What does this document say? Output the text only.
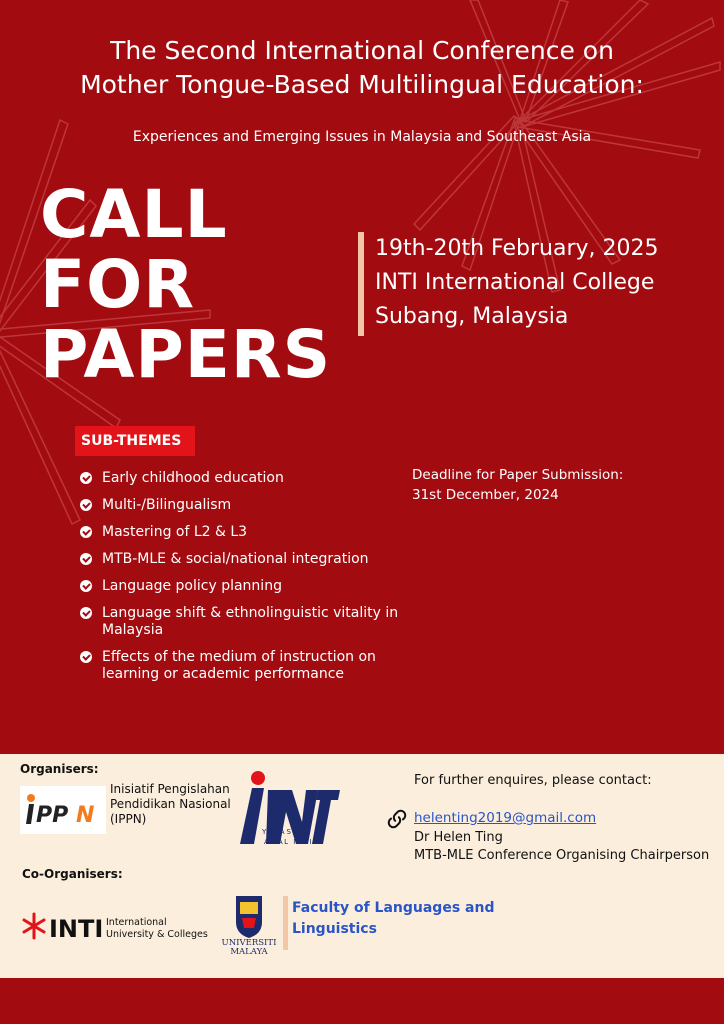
The Second International Conference on
Mother Tongue-Based Multilingual Education:
Experiences and Emerging Issues in Malaysia and Southeast Asia
CALL
FOR
PAPERS
19th-20th February, 2025
INTI International College
Subang, Malaysia
SUB-THEMES
Early childhood education
Multi-/Bilingualism
Mastering of L2 & L3
MTB-MLE & social/national integration
Language policy planning
Language shift & ethnolinguistic vitality in Malaysia
Effects of the medium of instruction on learning or academic performance
Deadline for Paper Submission:
31st December, 2024
Organisers:
PP N
Inisiatif Pengislahan
Pendidikan Nasional
(IPPN)
YAYASAN
AMAL INTI
For further enquires, please contact:
helenting2019@gmail.com
Dr Helen Ting
MTB-MLE Conference Organising Chairperson
Co-Organisers:
INTI International
University & Colleges
UNIVERSITI
MALAYA
Faculty of Languages and
Linguistics
